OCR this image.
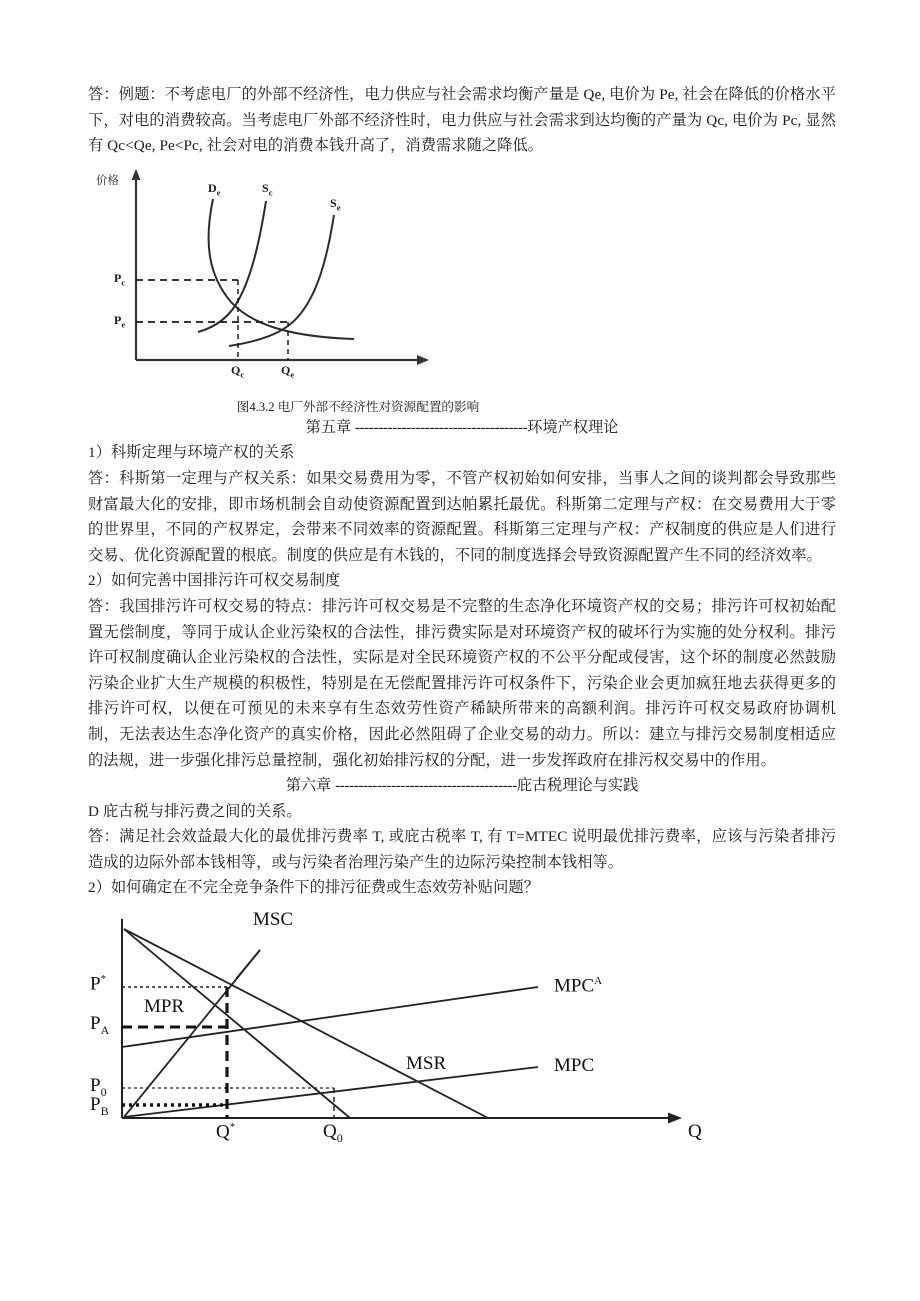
答：例题：不考虑电厂的外部不经济性，电力供应与社会需求均衡产量是 Qe, 电价为 Pe, 社会在降低的价格水平下，对电的消费较高。当考虑电厂外部不经济性时，电力供应与社会需求到达均衡的产量为 Qc, 电价为 Pc, 显然有 Qc<Qe, Pe<Pc, 社会对电的消费本钱升高了，消费需求随之降低。

价格	$D_e$	$S_c$
$S_e$
$P_c$
$P_e$
$Q_c$	$Q_e$

图4.3.2 电厂外部不经济性对资源配置的影响

第五章 -------------------------------------环境产权理论

1）科斯定理与环境产权的关系

答：科斯第一定理与产权关系：如果交易费用为零，不管产权初始如何安排，当事人之间的谈判都会导致那些财富最大化的安排，即市场机制会自动使资源配置到达帕累托最优。科斯第二定理与产权：在交易费用大于零的世界里，不同的产权界定，会带来不同效率的资源配置。科斯第三定理与产权：产权制度的供应是人们进行交易、优化资源配置的根底。制度的供应是有木钱的，不同的制度选择会导致资源配置产生不同的经济效率。

2）如何完善中国排污许可权交易制度

答：我国排污许可权交易的特点：排污许可权交易是不完整的生态净化环境资产权的交易；排污许可权初始配置无偿制度，等同于成认企业污染权的合法性，排污费实际是对环境资产权的破坏行为实施的处分权利。排污许可权制度确认企业污染权的合法性，实际是对全民环境资产权的不公平分配或侵害，这个坏的制度必然鼓励污染企业扩大生产规模的积极性，特别是在无偿配置排污许可权条件下，污染企业会更加疯狂地去获得更多的排污许可权，以便在可预见的未来享有生态效劳性资产稀缺所带来的高额利润。排污许可权交易政府协调机制，无法表达生态净化资产的真实价格，因此必然阻碍了企业交易的动力。所以：建立与排污交易制度相适应的法规，进一步强化排污总量控制，强化初始排污权的分配，进一步发挥政府在排污权交易中的作用。

第六章 ---------------------------------------庇古税理论与实践

D 庇古税与排污费之间的关系。

答：满足社会效益最大化的最优排污费率 T, 或庇古税率 T, 有 T=MTEC 说明最优排污费率，应该与污染者排污造成的边际外部本钱相等，或与污染者治理污染产生的边际污染控制本钱相等。

2）如何确定在不完全竞争条件下的排污征费或生态效劳补贴问题？

MSC
$MPC^A$
MPC
MSR
MPR
P*
$P_A$
$P_0$
$P_B$
Q*	$Q_0$	Q
